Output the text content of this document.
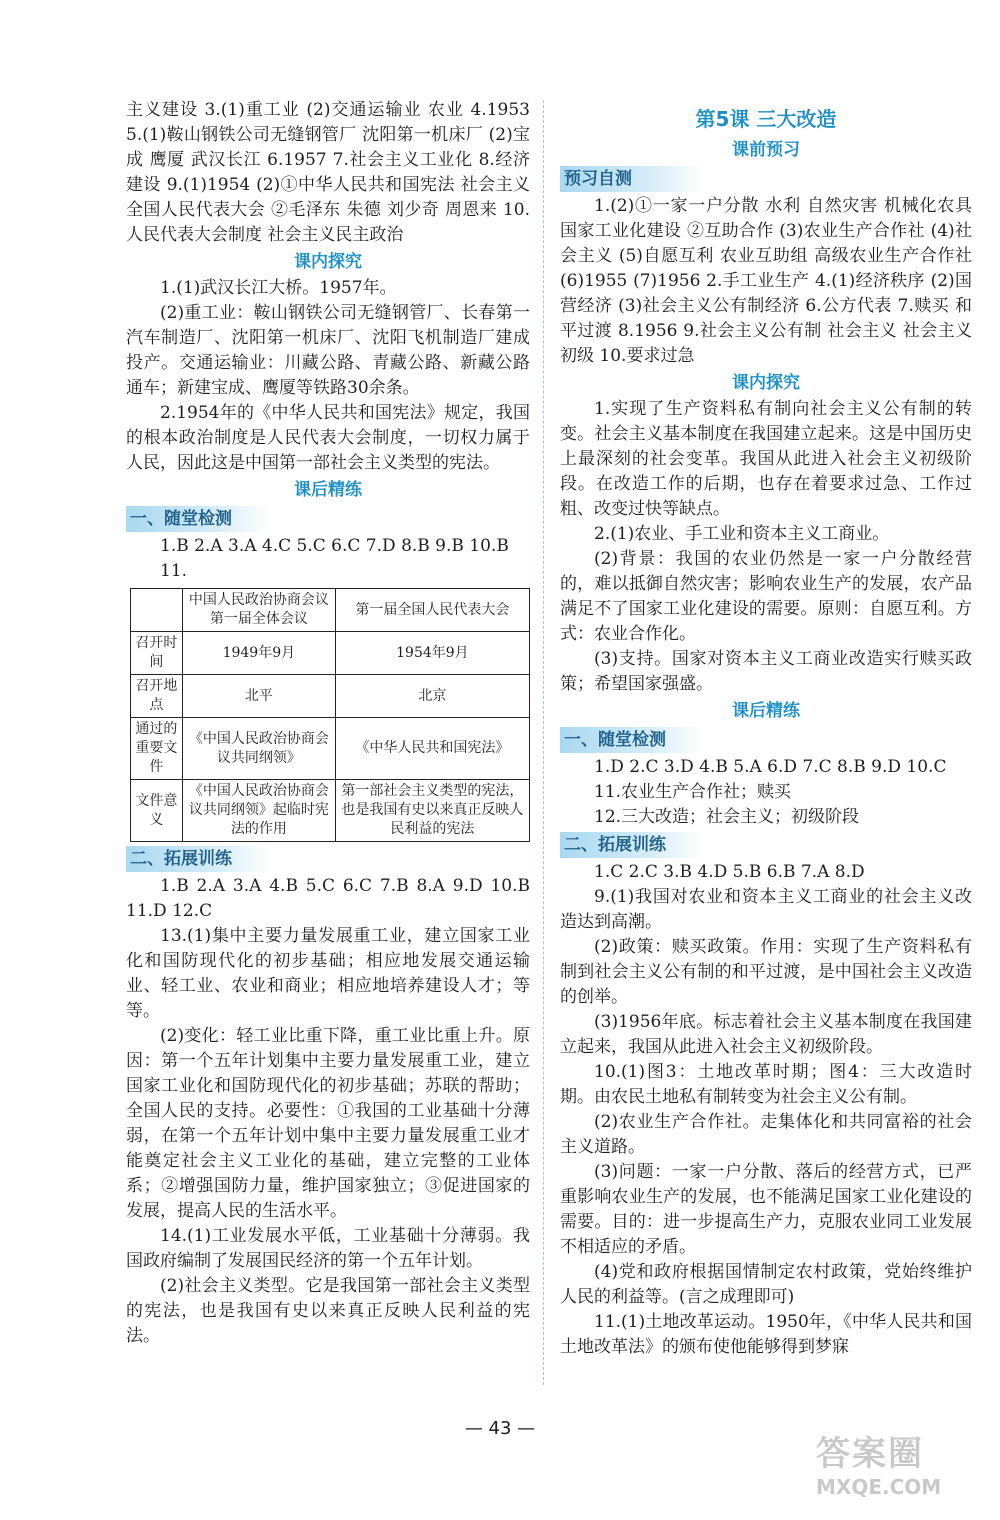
主义建设 3.(1)重工业 (2)交通运输业 农业 4.1953 5.(1)鞍山钢铁公司无缝钢管厂 沈阳第一机床厂 (2)宝成 鹰厦 武汉长江 6.1957 7.社会主义工业化 8.经济建设 9.(1)1954 (2)①中华人民共和国宪法 社会主义 全国人民代表大会 ②毛泽东 朱德 刘少奇 周恩来 10.人民代表大会制度 社会主义民主政治

课内探究

1.(1)武汉长江大桥。1957年。

(2)重工业：鞍山钢铁公司无缝钢管厂、长春第一汽车制造厂、沈阳第一机床厂、沈阳飞机制造厂建成投产。交通运输业：川藏公路、青藏公路、新藏公路通车；新建宝成、鹰厦等铁路30余条。

2.1954年的《中华人民共和国宪法》规定，我国的根本政治制度是人民代表大会制度，一切权力属于人民，因此这是中国第一部社会主义类型的宪法。

课后精练

一、随堂检测

1.B 2.A 3.A 4.C 5.C 6.C 7.D 8.B 9.B 10.B

11.

	中国人民政治协商会议第一届全体会议	第一届全国人民代表大会
召开时间	1949年9月	1954年9月
召开地点	北平	北京
通过的重要文件	《中国人民政治协商会议共同纲领》	《中华人民共和国宪法》
文件意义	《中国人民政治协商会议共同纲领》起临时宪法的作用	第一部社会主义类型的宪法，也是我国有史以来真正反映人民利益的宪法
二、拓展训练

1.B 2.A 3.A 4.B 5.C 6.C 7.B 8.A 9.D 10.B 11.D 12.C

13.(1)集中主要力量发展重工业，建立国家工业化和国防现代化的初步基础；相应地发展交通运输业、轻工业、农业和商业；相应地培养建设人才；等等。

(2)变化：轻工业比重下降，重工业比重上升。原因：第一个五年计划集中主要力量发展重工业，建立国家工业化和国防现代化的初步基础；苏联的帮助；全国人民的支持。必要性：①我国的工业基础十分薄弱，在第一个五年计划中集中主要力量发展重工业才能奠定社会主义工业化的基础，建立完整的工业体系；②增强国防力量，维护国家独立；③促进国家的发展，提高人民的生活水平。

14.(1)工业发展水平低，工业基础十分薄弱。我国政府编制了发展国民经济的第一个五年计划。

(2)社会主义类型。它是我国第一部社会主义类型的宪法，也是我国有史以来真正反映人民利益的宪法。

第5课 三大改造

课前预习

预习自测

1.(2)①一家一户分散 水利 自然灾害 机械化农具 国家工业化建设 ②互助合作 (3)农业生产合作社 (4)社会主义 (5)自愿互利 农业互助组 高级农业生产合作社 (6)1955 (7)1956 2.手工业生产 4.(1)经济秩序 (2)国营经济 (3)社会主义公有制经济 6.公方代表 7.赎买 和平过渡 8.1956 9.社会主义公有制 社会主义 社会主义初级 10.要求过急

课内探究

1.实现了生产资料私有制向社会主义公有制的转变。社会主义基本制度在我国建立起来。这是中国历史上最深刻的社会变革。我国从此进入社会主义初级阶段。在改造工作的后期，也存在着要求过急、工作过粗、改变过快等缺点。

2.(1)农业、手工业和资本主义工商业。

(2)背景：我国的农业仍然是一家一户分散经营的，难以抵御自然灾害；影响农业生产的发展，农产品满足不了国家工业化建设的需要。原则：自愿互利。方式：农业合作化。

(3)支持。国家对资本主义工商业改造实行赎买政策；希望国家强盛。

课后精练

一、随堂检测

1.D 2.C 3.D 4.B 5.A 6.D 7.C 8.B 9.D 10.C

11.农业生产合作社；赎买

12.三大改造；社会主义；初级阶段

二、拓展训练

1.C 2.C 3.B 4.D 5.B 6.B 7.A 8.D

9.(1)我国对农业和资本主义工商业的社会主义改造达到高潮。

(2)政策：赎买政策。作用：实现了生产资料私有制到社会主义公有制的和平过渡，是中国社会主义改造的创举。

(3)1956年底。标志着社会主义基本制度在我国建立起来，我国从此进入社会主义初级阶段。

10.(1)图3：土地改革时期；图4：三大改造时期。由农民土地私有制转变为社会主义公有制。

(2)农业生产合作社。走集体化和共同富裕的社会主义道路。

(3)问题：一家一户分散、落后的经营方式，已严重影响农业生产的发展，也不能满足国家工业化建设的需要。目的：进一步提高生产力，克服农业同工业发展不相适应的矛盾。

(4)党和政府根据国情制定农村政策，党始终维护人民的利益等。(言之成理即可)

11.(1)土地改革运动。1950年，《中华人民共和国土地改革法》的颁布使他能够得到梦寐

— 43 —
答案圈
MXQE.COM
